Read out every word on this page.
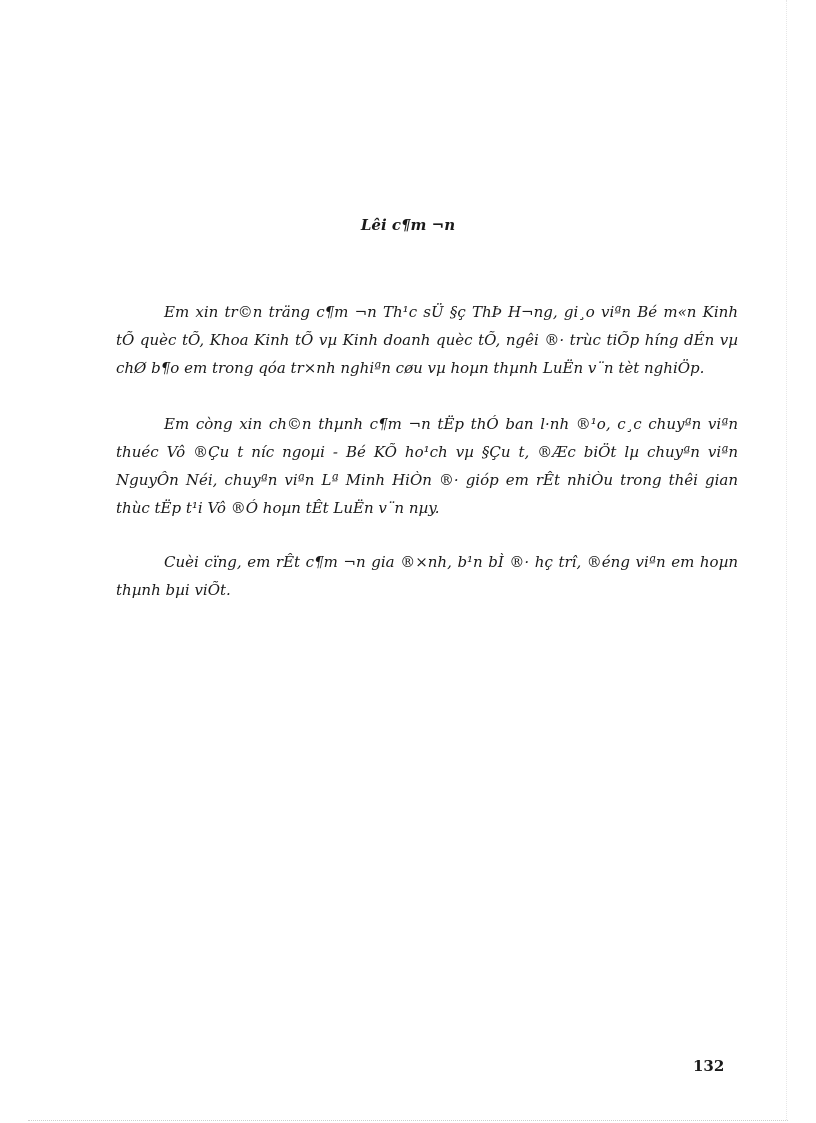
Lêi c¶m ¬n

Em xin tr©n träng c¶m ¬n Th¹c sÜ §ç ThÞ H¬ng, gi¸o viªn Bé m«n Kinh tÕ quèc tÕ, Khoa Kinh tÕ vµ Kinh doanh quèc tÕ, ngêi ®· trùc tiÕp híng dÉn vµ chØ b¶o em trong qóa tr×nh nghiªn cøu vµ hoµn thµnh LuËn v¨n tèt nghiÖp.

Em còng xin ch©n thµnh c¶m ¬n tËp thÓ ban l·nh ®¹o, c¸c chuyªn viªn thuéc Vô ®Çu t níc ngoµi - Bé KÕ ho¹ch vµ §Çu t, ®Æc biÖt lµ chuyªn viªn NguyÔn Néi, chuyªn viªn Lª Minh HiÒn ®· gióp em rÊt nhiÒu trong thêi gian thùc tËp t¹i Vô ®Ó hoµn tÊt LuËn v¨n nµy.

Cuèi cïng, em rÊt c¶m ¬n gia ®×nh, b¹n bÌ ®· hç trî, ®éng viªn em hoµn thµnh bµi viÕt.

132
